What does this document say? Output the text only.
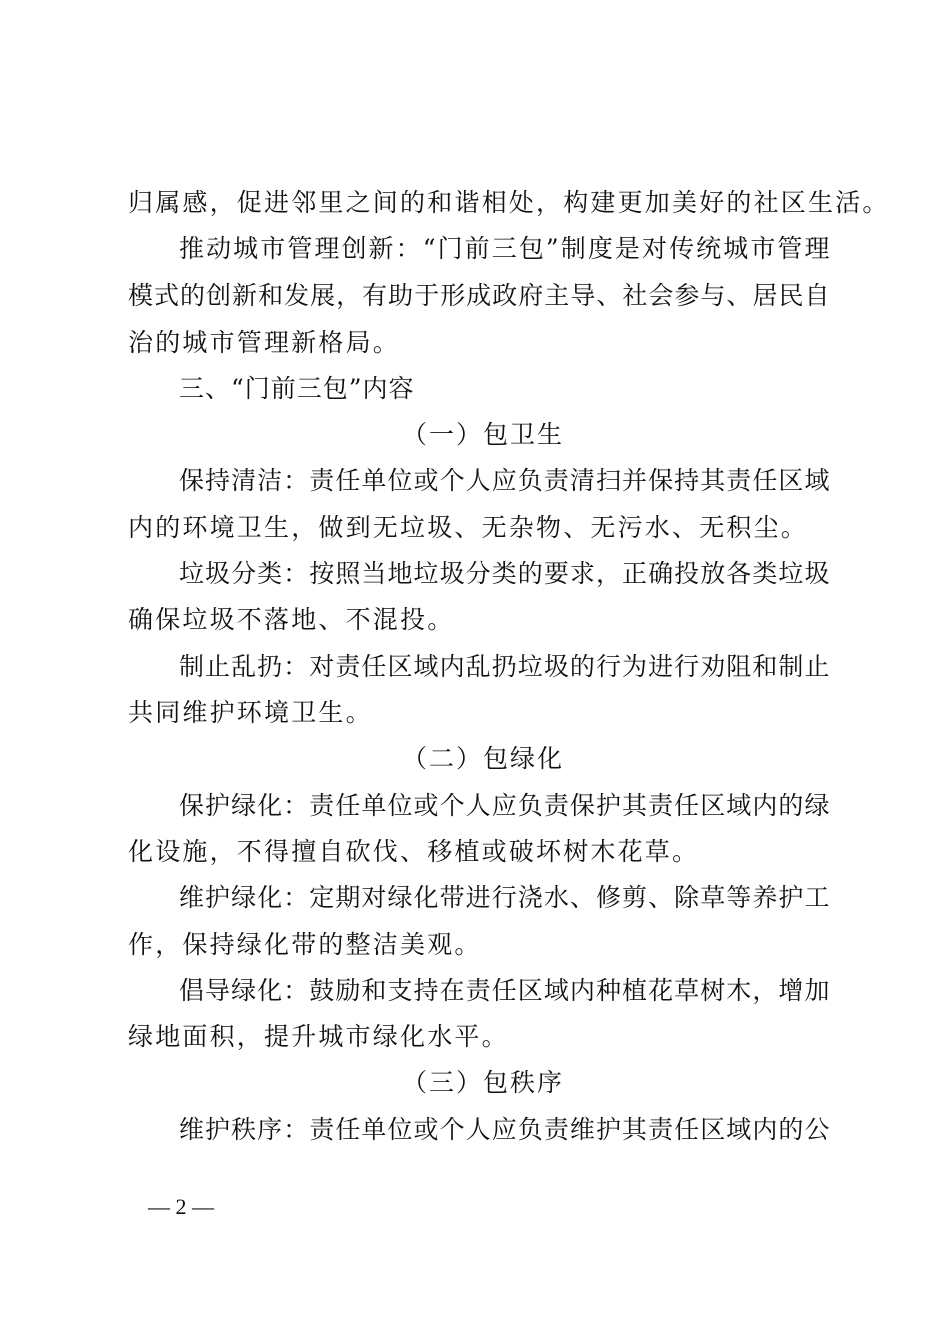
归属感，促进邻里之间的和谐相处，构建更加美好的社区生活。
推动城市管理创新：“门前三包”制度是对传统城市管理
模式的创新和发展，有助于形成政府主导、社会参与、居民自
治的城市管理新格局。
三、“门前三包”内容
（一）包卫生
保持清洁：责任单位或个人应负责清扫并保持其责任区域
内的环境卫生，做到无垃圾、无杂物、无污水、无积尘。
垃圾分类：按照当地垃圾分类的要求，正确投放各类垃圾
确保垃圾不落地、不混投。
制止乱扔：对责任区域内乱扔垃圾的行为进行劝阻和制止
共同维护环境卫生。
（二）包绿化
保护绿化：责任单位或个人应负责保护其责任区域内的绿
化设施，不得擅自砍伐、移植或破坏树木花草。
维护绿化：定期对绿化带进行浇水、修剪、除草等养护工
作，保持绿化带的整洁美观。
倡导绿化：鼓励和支持在责任区域内种植花草树木，增加
绿地面积，提升城市绿化水平。
（三）包秩序
维护秩序：责任单位或个人应负责维护其责任区域内的公
— 2 —
